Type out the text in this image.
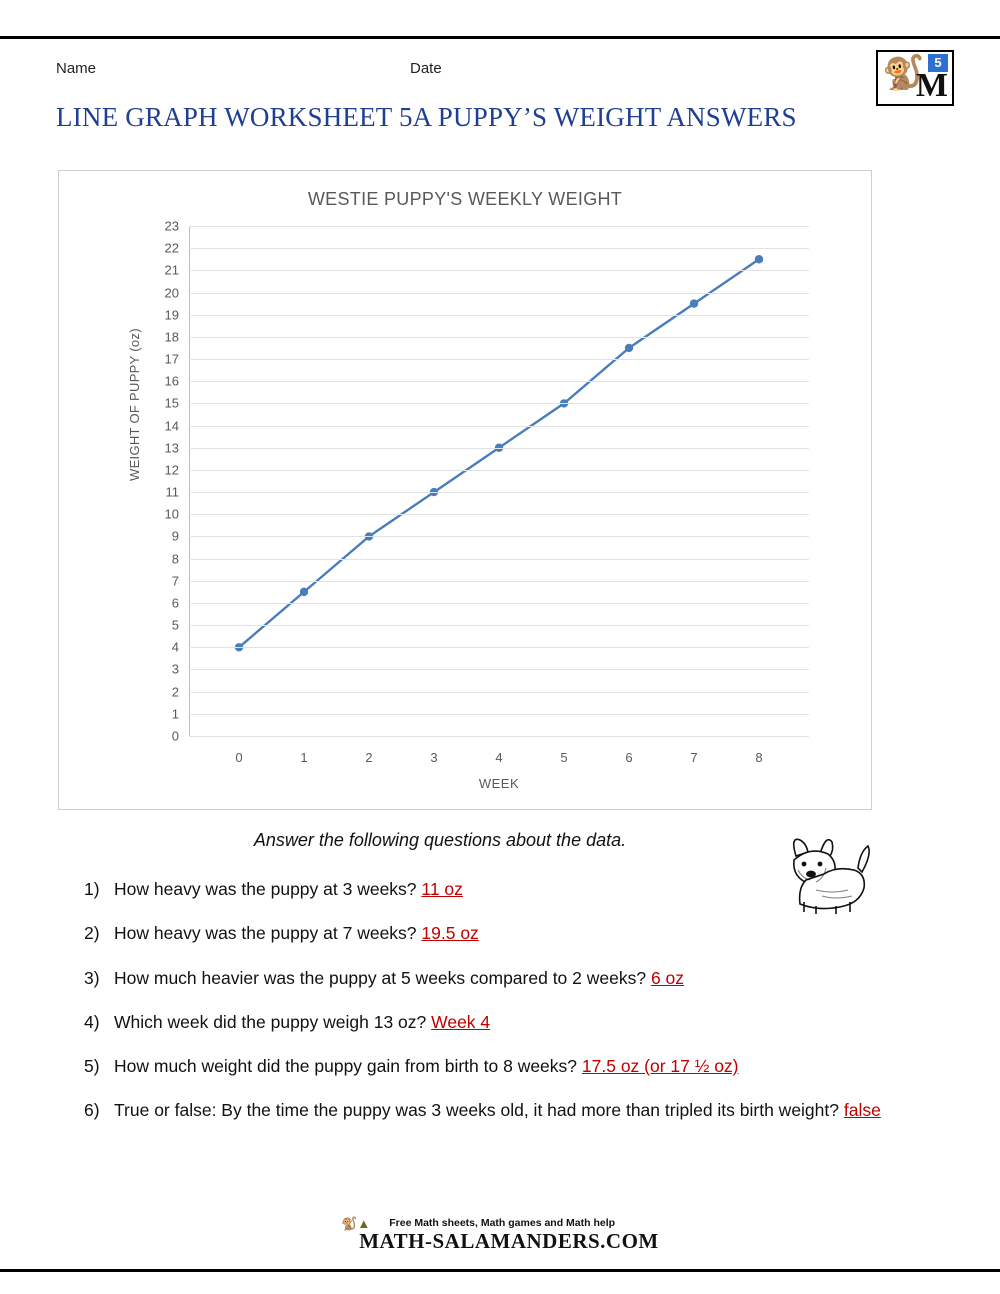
Name	Date	🐒 5
M
LINE GRAPH WORKSHEET 5A PUPPY’S WEIGHT ANSWERS
WESTIE PUPPY'S WEEKLY WEIGHT
WEIGHT OF PUPPY (oz)
WEEK
0
1
2
3
4
5
6
7
8
9
10
11
12
13
14
15
16
17
18
19
20
21
22
23
0	1	2	3	4	5	6	7	8
Answer the following questions about the data.
1) How heavy was the puppy at 3 weeks? 11 oz
2) How heavy was the puppy at 7 weeks? 19.5 oz
3) How much heavier was the puppy at 5 weeks compared to 2 weeks? 6 oz
4) Which week did the puppy weigh 13 oz? Week 4
5) How much weight did the puppy gain from birth to 8 weeks? 17.5 oz (or 17 ½ oz)
6) True or false: By the time the puppy was 3 weeks old, it had more than tripled its birth weight? false
🐒▲	Free Math sheets, Math games and Math help
MATH-SALAMANDERS.COM
